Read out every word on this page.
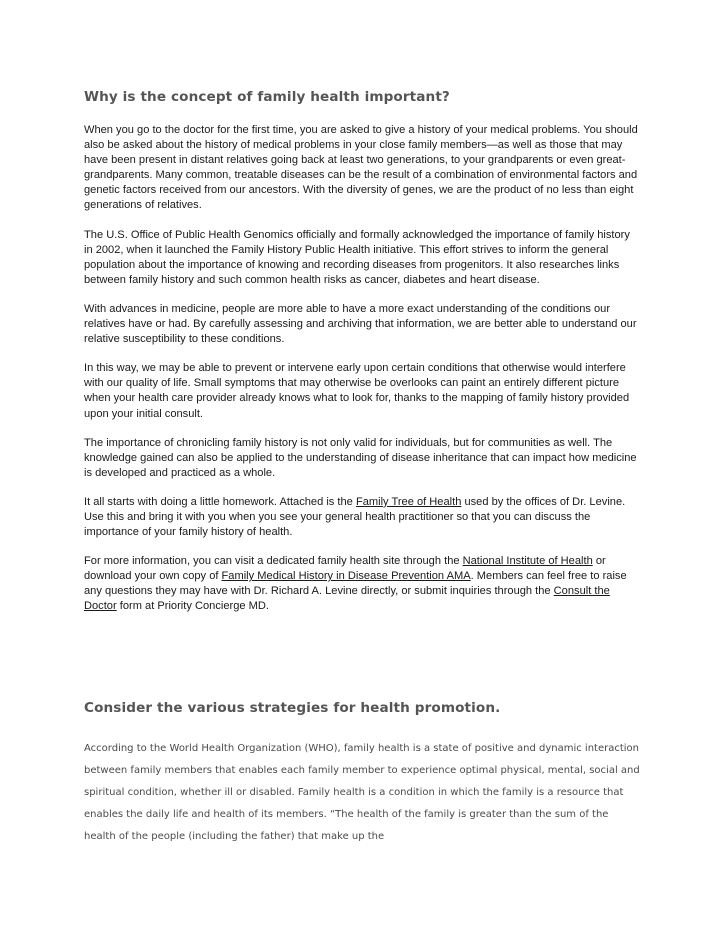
Why is the concept of family health important?

When you go to the doctor for the first time, you are asked to give a history of your medical problems. You should also be asked about the history of medical problems in your close family members—as well as those that may have been present in distant relatives going back at least two generations, to your grandparents or even great-grandparents. Many common, treatable diseases can be the result of a combination of environmental factors and genetic factors received from our ancestors. With the diversity of genes, we are the product of no less than eight generations of relatives.

The U.S. Office of Public Health Genomics officially and formally acknowledged the importance of family history in 2002, when it launched the Family History Public Health initiative. This effort strives to inform the general population about the importance of knowing and recording diseases from progenitors. It also researches links between family history and such common health risks as cancer, diabetes and heart disease.

With advances in medicine, people are more able to have a more exact understanding of the conditions our relatives have or had. By carefully assessing and archiving that information, we are better able to understand our relative susceptibility to these conditions.

In this way, we may be able to prevent or intervene early upon certain conditions that otherwise would interfere with our quality of life. Small symptoms that may otherwise be overlooks can paint an entirely different picture when your health care provider already knows what to look for, thanks to the mapping of family history provided upon your initial consult.

The importance of chronicling family history is not only valid for individuals, but for communities as well. The knowledge gained can also be applied to the understanding of disease inheritance that can impact how medicine is developed and practiced as a whole.

It all starts with doing a little homework. Attached is the Family Tree of Health used by the offices of Dr. Levine. Use this and bring it with you when you see your general health practitioner so that you can discuss the importance of your family history of health.

For more information, you can visit a dedicated family health site through the National Institute of Health or download your own copy of Family Medical History in Disease Prevention AMA. Members can feel free to raise any questions they may have with Dr. Richard A. Levine directly, or submit inquiries through the Consult the Doctor form at Priority Concierge MD.

Consider the various strategies for health promotion.

According to the World Health Organization (WHO), family health is a state of positive and dynamic interaction between family members that enables each family member to experience optimal physical, mental, social and spiritual condition, whether ill or disabled. Family health is a condition in which the family is a resource that enables the daily life and health of its members. “The health of the family is greater than the sum of the health of the people (including the father) that make up the
